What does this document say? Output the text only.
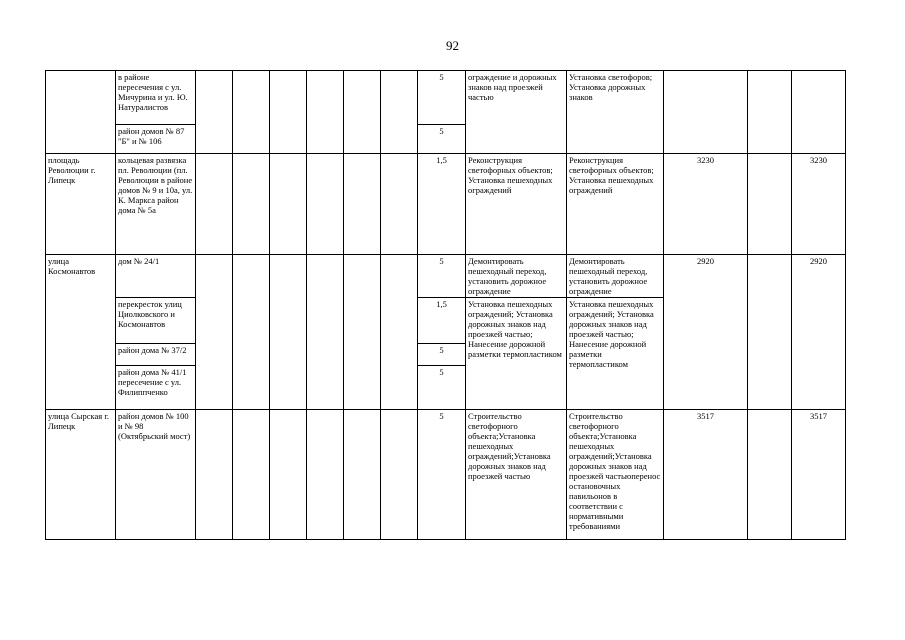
92
	в районе пересечения с ул. Мичурина и ул. Ю. Натуралистов							5	ограждение и дорожных знаков над проезжей частью	Установка светофоров; Установка дорожных знаков			
	район домов № 87 "Б" и № 106							5					
площадь Революции г. Липецк	кольцевая развязка пл. Революции (пл. Революции в районе домов № 9 и 10а, ул. К. Маркса район дома № 5а							1,5	Реконструкция светофорных объектов; Установка пешеходных ограждений	Реконструкция светофорных объектов; Установка пешеходных ограждений	3230		3230
улица Космонавтов	дом № 24/1							5	Демонтировать пешеходный переход, установить дорожное ограждение	Демонтировать пешеходный переход, установить дорожное ограждение	2920		2920
	перекресток улиц Циолковского и Космонавтов							1,5	Установка пешеходных ограждений; Установка дорожных знаков над проезжей частью; Нанесение дорожной разметки термопластиком	Установка пешеходных ограждений; Установка дорожных знаков над проезжей частью; Нанесение дорожной разметки термопластиком			
	район дома № 37/2							5					
	район дома № 41/1 пересечение с ул. Филиппченко							5					
улица Сырская г. Липецк	район домов № 100 и № 98 (Октябрьский мост)							5	Строительство светофорного объекта;Установка пешеходных ограждений;Установка дорожных знаков над проезжей частью	Строительство светофорного объекта;Установка пешеходных ограждений;Установка дорожных знаков над проезжей частьюперенос остановочных павильонов в соответствии с нормативными требованиями	3517		3517
